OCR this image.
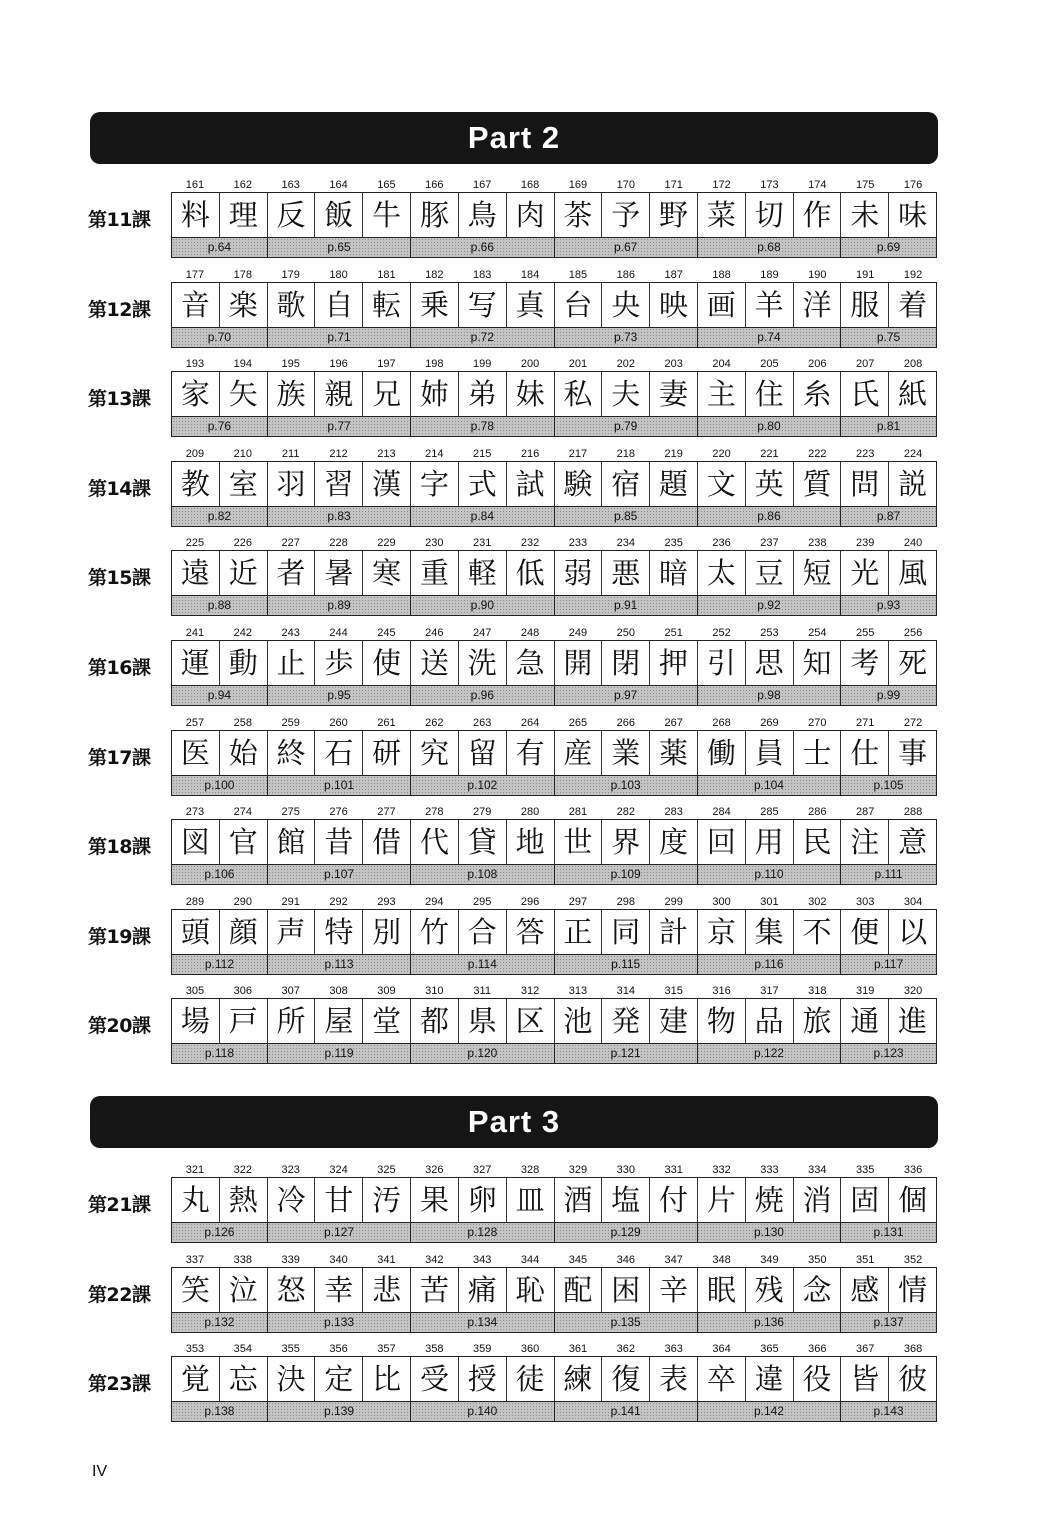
Part 2
Part 3
第11課
161	162	163	164	165	166	167	168	169	170	171	172	173	174	175	176
料 理 反 飯 牛 豚 鳥 肉 茶 予 野 菜 切 作 未 味
p.64	p.65	p.66	p.67	p.68	p.69
第12課
177	178	179	180	181	182	183	184	185	186	187	188	189	190	191	192
音 楽 歌 自 転 乗 写 真 台 央 映 画 羊 洋 服 着
p.70	p.71	p.72	p.73	p.74	p.75
第13課
193	194	195	196	197	198	199	200	201	202	203	204	205	206	207	208
家 矢 族 親 兄 姉 弟 妹 私 夫 妻 主 住 糸 氏 紙
p.76	p.77	p.78	p.79	p.80	p.81
第14課
209	210	211	212	213	214	215	216	217	218	219	220	221	222	223	224
教 室 羽 習 漢 字 式 試 験 宿 題 文 英 質 問 説
p.82	p.83	p.84	p.85	p.86	p.87
第15課
225	226	227	228	229	230	231	232	233	234	235	236	237	238	239	240
遠 近 者 暑 寒 重 軽 低 弱 悪 暗 太 豆 短 光 風
p.88	p.89	p.90	p.91	p.92	p.93
第16課
241	242	243	244	245	246	247	248	249	250	251	252	253	254	255	256
運 動 止 歩 使 送 洗 急 開 閉 押 引 思 知 考 死
p.94	p.95	p.96	p.97	p.98	p.99
第17課
257	258	259	260	261	262	263	264	265	266	267	268	269	270	271	272
医 始 終 石 研 究 留 有 産 業 薬 働 員 士 仕 事
p.100	p.101	p.102	p.103	p.104	p.105
第18課
273	274	275	276	277	278	279	280	281	282	283	284	285	286	287	288
図 官 館 昔 借 代 貸 地 世 界 度 回 用 民 注 意
p.106	p.107	p.108	p.109	p.110	p.111
第19課
289	290	291	292	293	294	295	296	297	298	299	300	301	302	303	304
頭 顔 声 特 別 竹 合 答 正 同 計 京 集 不 便 以
p.112	p.113	p.114	p.115	p.116	p.117
第20課
305	306	307	308	309	310	311	312	313	314	315	316	317	318	319	320
場 戸 所 屋 堂 都 県 区 池 発 建 物 品 旅 通 進
p.118	p.119	p.120	p.121	p.122	p.123
第21課
321	322	323	324	325	326	327	328	329	330	331	332	333	334	335	336
丸 熱 冷 甘 汚 果 卵 皿 酒 塩 付 片 焼 消 固 個
p.126	p.127	p.128	p.129	p.130	p.131
第22課
337	338	339	340	341	342	343	344	345	346	347	348	349	350	351	352
笑 泣 怒 幸 悲 苦 痛 恥 配 困 辛 眠 残 念 感 情
p.132	p.133	p.134	p.135	p.136	p.137
第23課
353	354	355	356	357	358	359	360	361	362	363	364	365	366	367	368
覚 忘 決 定 比 受 授 徒 練 復 表 卒 違 役 皆 彼
p.138	p.139	p.140	p.141	p.142	p.143
IV
